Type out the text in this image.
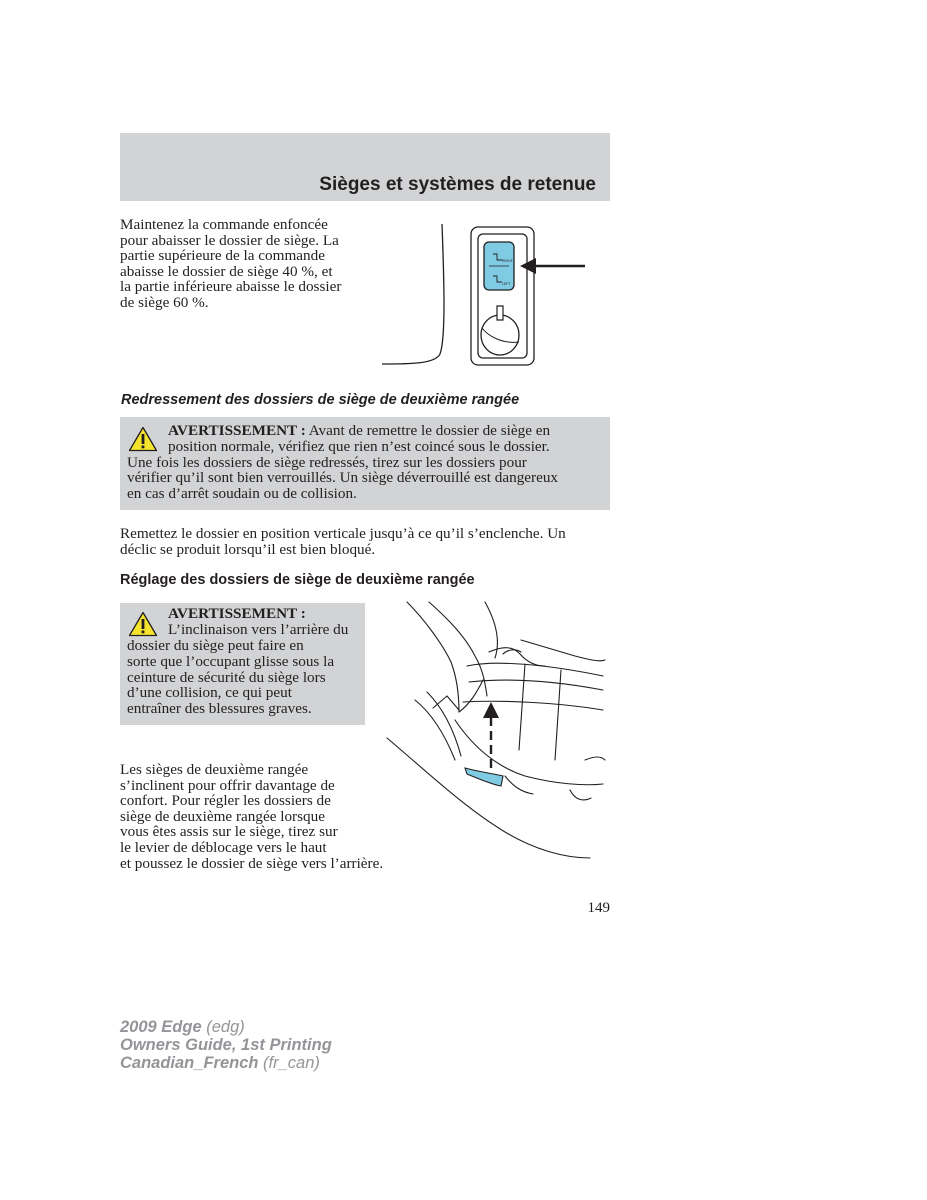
Sièges et systèmes de retenue

Maintenez la commande enfoncée

pour abaisser le dossier de siège. La

partie supérieure de la commande

abaisse le dossier de siège 40 %, et

la partie inférieure abaisse le dossier

de siège 60 %.

RIGHT
LEFT
Redressement des dossiers de siège de deuxième rangée

AVERTISSEMENT : Avant de remettre le dossier de siège en

position normale, vérifiez que rien n’est coincé sous le dossier.

Une fois les dossiers de siège redressés, tirez sur les dossiers pour

vérifier qu’il sont bien verrouillés. Un siège déverrouillé est dangereux

en cas d’arrêt soudain ou de collision.

Remettez le dossier en position verticale jusqu’à ce qu’il s’enclenche. Un

déclic se produit lorsqu’il est bien bloqué.

Réglage des dossiers de siège de deuxième rangée

AVERTISSEMENT :

L’inclinaison vers l’arrière du

dossier du siège peut faire en

sorte que l’occupant glisse sous la

ceinture de sécurité du siège lors

d’une collision, ce qui peut

entraîner des blessures graves.

Les sièges de deuxième rangée

s’inclinent pour offrir davantage de

confort. Pour régler les dossiers de

siège de deuxième rangée lorsque

vous êtes assis sur le siège, tirez sur

le levier de déblocage vers le haut

et poussez le dossier de siège vers l’arrière.

149
2009 Edge (edg)
Owners Guide, 1st Printing
Canadian_French (fr_can)
